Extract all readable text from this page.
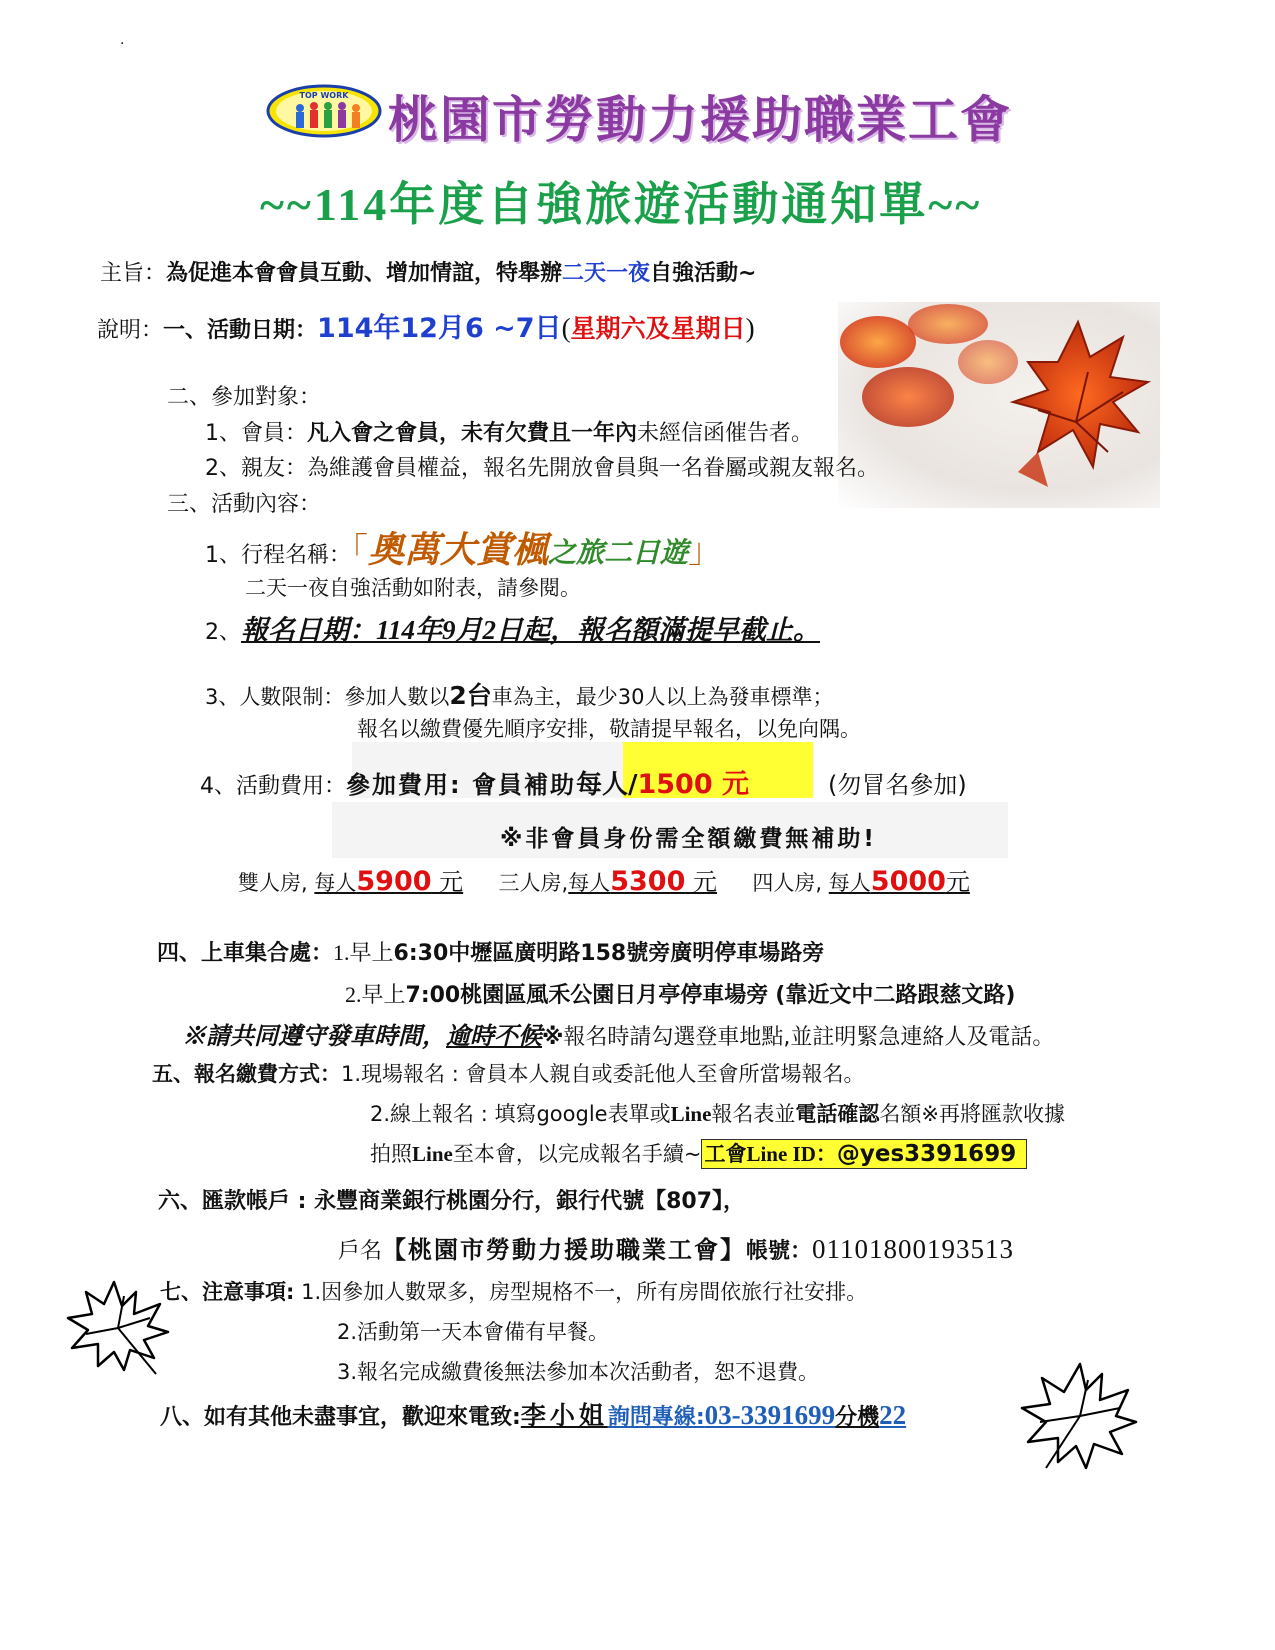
.
TOP WORK 桃園市勞動力援助職業工會
~~114年度自強旅遊活動通知單~~
主旨：為促進本會會員互動、增加情誼，特舉辦二天一夜自強活動~
說明：一、活動日期：114年12月6 ~7日(星期六及星期日)
二、參加對象：
1、會員：凡入會之會員，未有欠費且一年內未經信函催告者。
2、親友：為維護會員權益，報名先開放會員與一名眷屬或親友報名。
三、活動內容：
1、行程名稱：「奧萬大賞楓之旅二日遊」
二天一夜自強活動如附表，請參閱。
2、報名日期：114年9月2日起，報名額滿提早截止。
3、人數限制：參加人數以2台車為主，最少30人以上為發車標準；
報名以繳費優先順序安排，敬請提早報名，以免向隅。
4、活動費用：參加費用: 會員補助每人/1500 元	(勿冒名參加)
※非會員身份需全額繳費無補助!
雙人房, 每人5900 元 三人房,每人5300 元 四人房, 每人5000元
四、上車集合處：1.早上6:30中壢區廣明路158號旁廣明停車場路旁
2.早上7:00桃園區風禾公園日月亭停車場旁 (靠近文中二路跟慈文路)
※請共同遵守發車時間，逾時不候※報名時請勾選登車地點,並註明緊急連絡人及電話。
五、報名繳費方式：1.現場報名 : 會員本人親自或委託他人至會所當場報名。
2.線上報名 : 填寫google表單或Line報名表並電話確認名額※再將匯款收據
拍照Line至本會，以完成報名手續~ 工會Line ID：@yes3391699
六、匯款帳戶 : 永豐商業銀行桃園分行，銀行代號【807】，
戶名【桃園市勞動力援助職業工會】帳號：01101800193513
七、注意事項: 1.因參加人數眾多，房型規格不一，所有房間依旅行社安排。
2.活動第一天本會備有早餐。
3.報名完成繳費後無法參加本次活動者，恕不退費。
八、如有其他未盡事宜，歡迎來電致:李小姐詢問專線:03-3391699分機22
